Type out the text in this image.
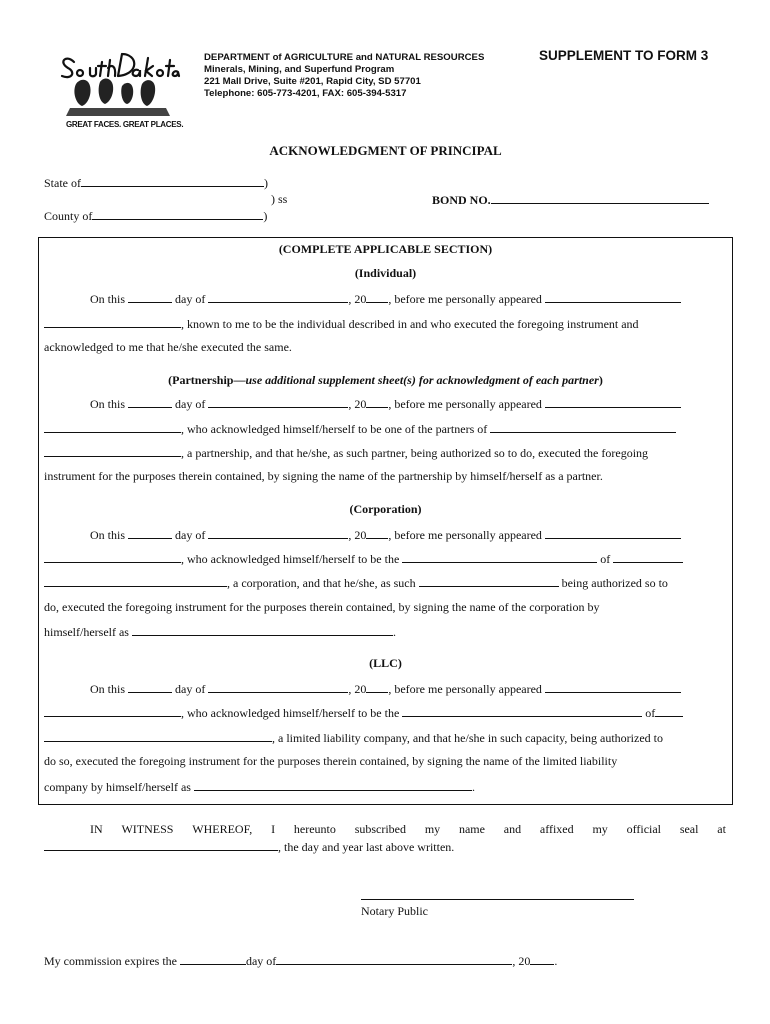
GREAT FACES. GREAT PLACES.
DEPARTMENT of AGRICULTURE and NATURAL RESOURCES
Minerals, Mining, and Superfund Program
221 Mall Drive, Suite #201, Rapid City, SD 57701
Telephone: 605-773-4201, FAX: 605-394-5317
SUPPLEMENT TO FORM 3
ACKNOWLEDGMENT OF PRINCIPAL
State of	)
) ss
County of	)
BOND NO.
(COMPLETE APPLICABLE SECTION)
(Individual)
On this	day of	, 20 , before me personally appeared
, known to me to be the individual described in and who executed the foregoing instrument and
acknowledged to me that he/she executed the same.
(Partnership—use additional supplement sheet(s) for acknowledgment of each partner)
On this	day of	, 20 , before me personally appeared
, who acknowledged himself/herself to be one of the partners of
, a partnership, and that he/she, as such partner, being authorized so to do, executed the foregoing
instrument for the purposes therein contained, by signing the name of the partnership by himself/herself as a partner.
(Corporation)
On this	day of	, 20 , before me personally appeared
, who acknowledged himself/herself to be the	of
, a corporation, and that he/she, as such	being authorized so to
do, executed the foregoing instrument for the purposes therein contained, by signing the name of the corporation by
himself/herself as	.
(LLC)
On this	day of	, 20 , before me personally appeared
, who acknowledged himself/herself to be the	of
, a limited liability company, and that he/she in such capacity, being authorized to
do so, executed the foregoing instrument for the purposes therein contained, by signing the name of the limited liability
company by himself/herself as	.
IN WITNESS WHEREOF, I hereunto subscribed my name and affixed my official seal at
, the day and year last above written.
Notary Public
My commission expires the	day of	, 20 .
